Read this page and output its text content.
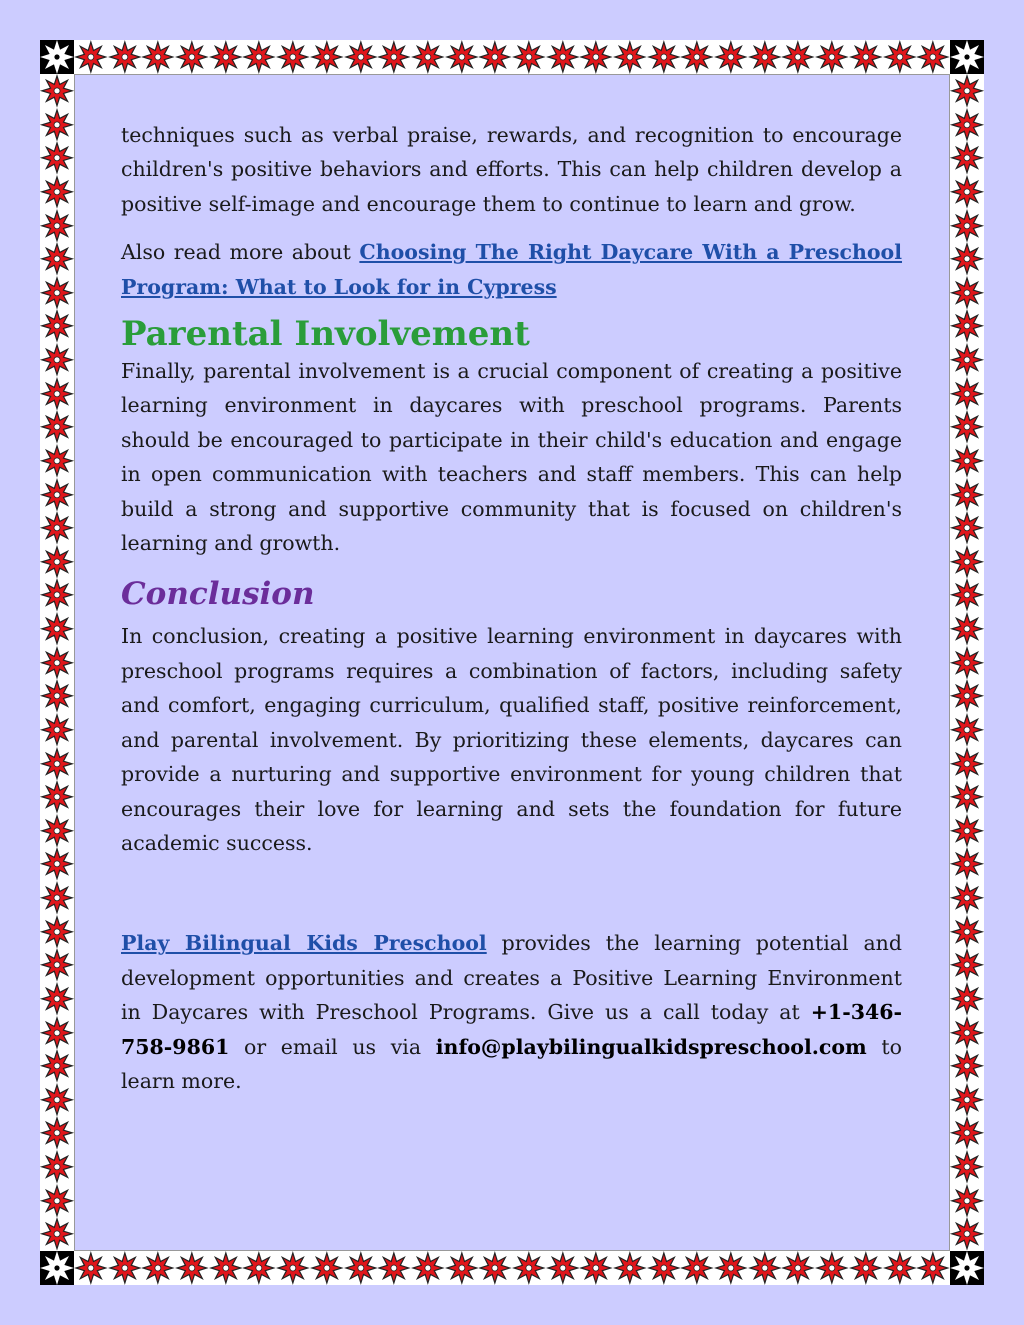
techniques such as verbal praise, rewards, and recognition to encourage children's positive behaviors and efforts. This can help children develop a positive self-image and encourage them to continue to learn and grow.

Also read more about Choosing The Right Daycare With a Preschool Program: What to Look for in Cypress

Parental Involvement

Finally, parental involvement is a crucial component of creating a positive learning environment in daycares with preschool programs. Parents should be encouraged to participate in their child's education and engage in open communication with teachers and staff members. This can help build a strong and supportive community that is focused on children's learning and growth.

Conclusion

In conclusion, creating a positive learning environment in daycares with preschool programs requires a combination of factors, including safety and comfort, engaging curriculum, qualified staff, positive reinforcement, and parental involvement. By prioritizing these elements, daycares can provide a nurturing and supportive environment for young children that encourages their love for learning and sets the foundation for future academic success.

Play Bilingual Kids Preschool provides the learning potential and development opportunities and creates a Positive Learning Environment in Daycares with Preschool Programs. Give us a call today at +1-346-758-9861 or email us via info@playbilingualkidspreschool.com to learn more.
